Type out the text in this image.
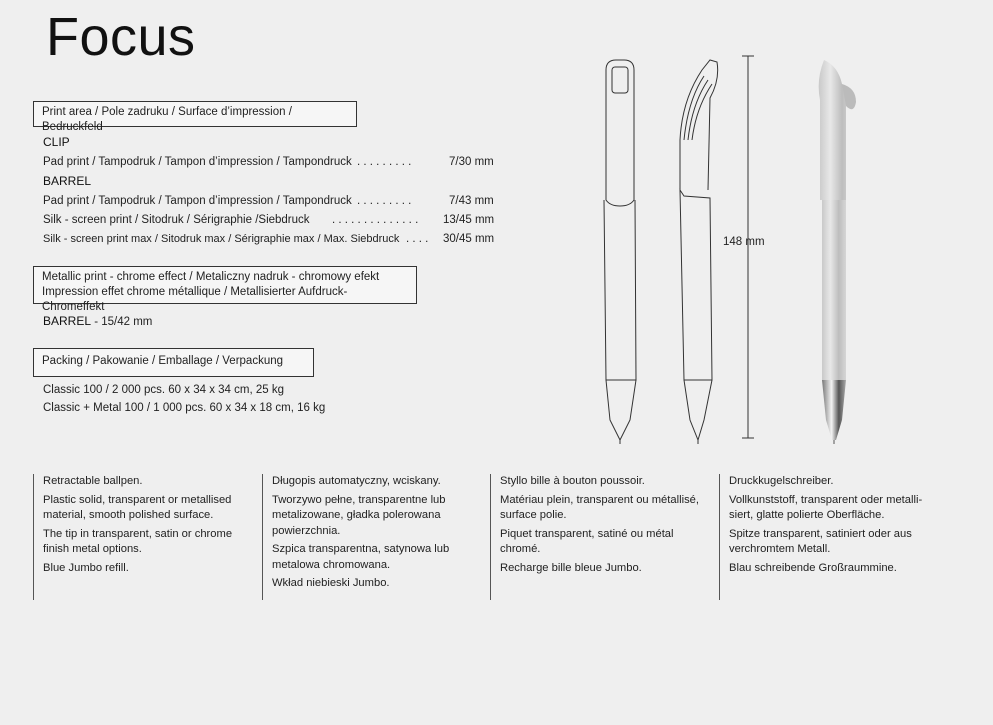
Focus
Print area / Pole zadruku / Surface d’impression / Bedruckfeld
CLIP
Pad print / Tampodruk / Tampon d’impression / Tampondruck . . . . . . . . .	7/30 mm
BARREL
Pad print / Tampodruk / Tampon d’impression / Tampondruck . . . . . . . . .	7/43 mm
Silk - screen print / Sitodruk / Sérigraphie /Siebdruck . . . . . . . . . . . . . . 13/45 mm
Silk - screen print max / Sitodruk max / Sérigraphie max / Max. Siebdruck . . . . 30/45 mm
Metallic print - chrome effect / Metaliczny nadruk - chromowy efekt
Impression effet chrome métallique / Metallisierter Aufdruck-Chromeffekt
BARREL - 15/42 mm
Packing / Pakowanie / Emballage / Verpackung
Classic 100 / 2 000 pcs. 60 x 34 x 34 cm, 25 kg
Classic + Metal 100 / 1 000 pcs. 60 x 34 x 18 cm, 16 kg
148 mm

Retractable ballpen.

Plastic solid, transparent or metallised material, smooth polished surface.

The tip in transparent, satin or chrome finish metal options.

Blue Jumbo refill.

Długopis automatyczny, wciskany.

Tworzywo pełne, transparentne lub metalizowane, gładka polerowana powierzchnia.

Szpica transparentna, satynowa lub metalowa chromowana.

Wkład niebieski Jumbo.

Styllo bille à bouton poussoir.

Matériau plein, transparent ou métallisé, surface polie.

Piquet transparent, satiné ou métal chromé.

Recharge bille bleue Jumbo.

Druckkugelschreiber.

Vollkunststoff, transparent oder metalli-siert, glatte polierte Oberfläche.

Spitze transparent, satiniert oder aus verchromtem Metall.

Blau schreibende Großraummine.
